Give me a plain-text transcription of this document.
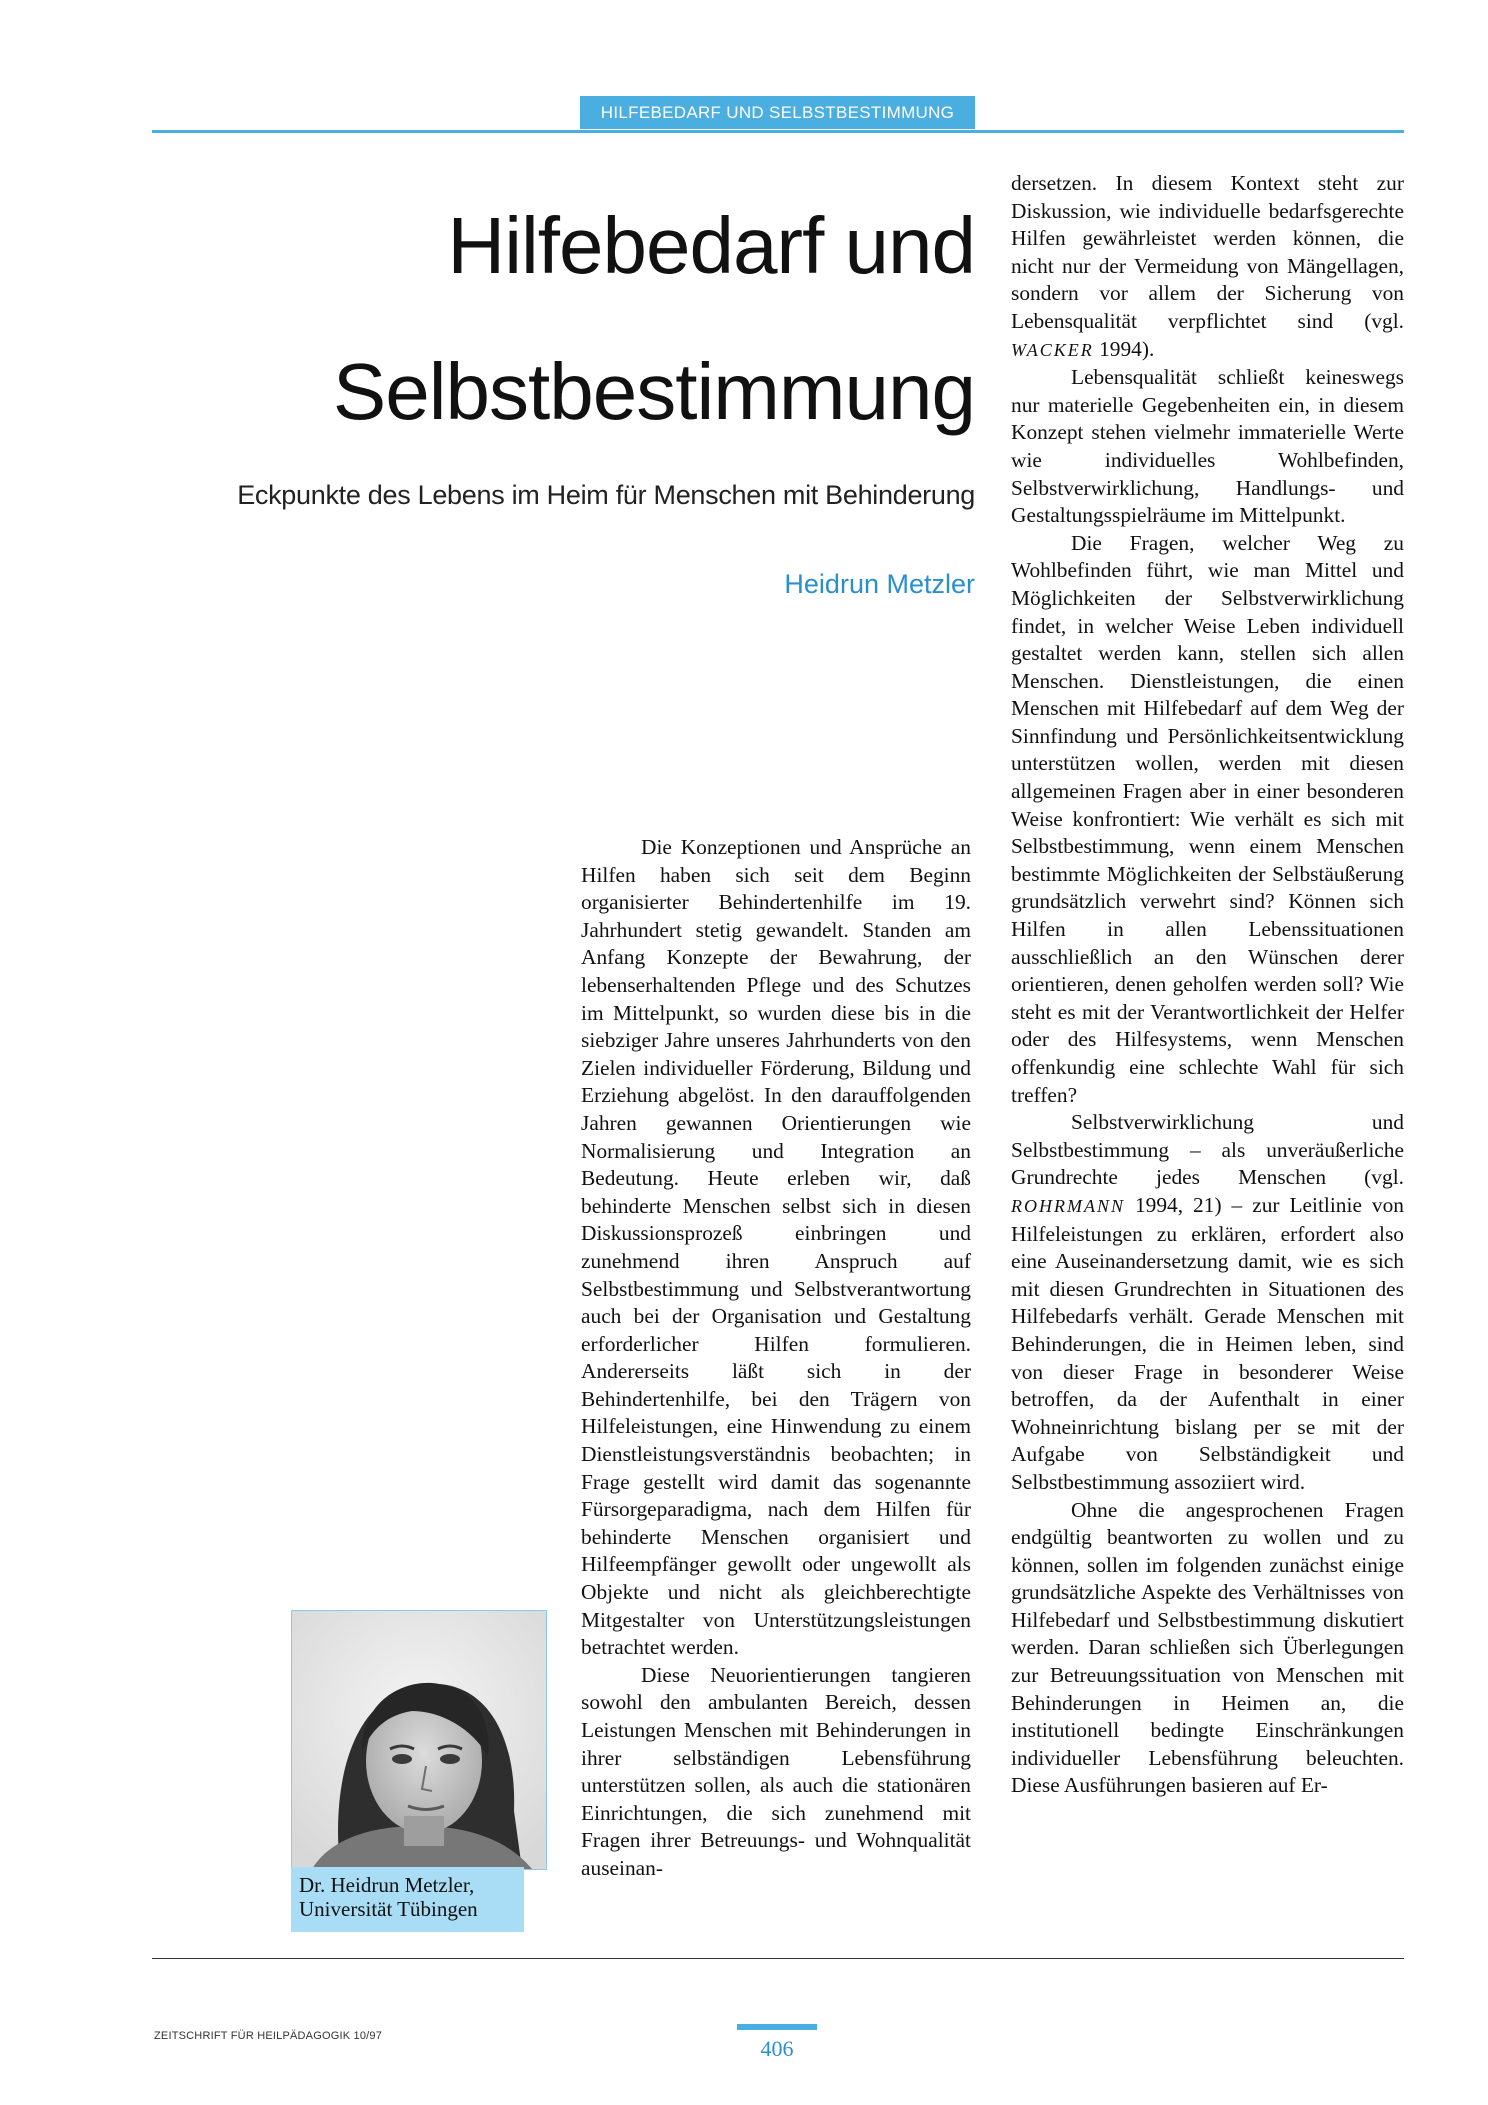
HILFEBEDARF UND SELBSTBESTIMMUNG
Hilfebedarf und
Selbstbestimmung
Eckpunkte des Lebens im Heim für Menschen mit Behinderung
Heidrun Metzler

Die Konzeptionen und Ansprüche an Hilfen haben sich seit dem Beginn organisierter Behindertenhilfe im 19. Jahrhundert stetig gewandelt. Standen am Anfang Konzepte der Bewahrung, der lebenserhaltenden Pflege und des Schutzes im Mittelpunkt, so wurden diese bis in die siebziger Jahre unseres Jahrhunderts von den Zielen individueller Förderung, Bildung und Erziehung abgelöst. In den darauffolgenden Jahren gewannen Orientierungen wie Normalisierung und Integration an Bedeutung. Heute erleben wir, daß behinderte Menschen selbst sich in diesen Diskussionsprozeß einbringen und zunehmend ihren Anspruch auf Selbstbestimmung und Selbstverantwortung auch bei der Organisation und Gestaltung erforderlicher Hilfen formulieren. Andererseits läßt sich in der Behindertenhilfe, bei den Trägern von Hilfeleistungen, eine Hinwendung zu einem Dienstleistungsverständnis beobachten; in Frage gestellt wird damit das sogenannte Fürsorgeparadigma, nach dem Hilfen für behinderte Menschen organisiert und Hilfeempfänger gewollt oder ungewollt als Objekte und nicht als gleichberechtigte Mitgestalter von Unterstützungsleistungen betrachtet werden.

Diese Neuorientierungen tangieren sowohl den ambulanten Bereich, dessen Leistungen Menschen mit Behinderungen in ihrer selbständigen Lebensführung unterstützen sollen, als auch die stationären Einrichtungen, die sich zunehmend mit Fragen ihrer Betreuungs- und Wohnqualität auseinan-

dersetzen. In diesem Kontext steht zur Diskussion, wie individuelle bedarfsgerechte Hilfen gewährleistet werden können, die nicht nur der Vermeidung von Mängellagen, sondern vor allem der Sicherung von Lebensqualität verpflichtet sind (vgl. WACKER 1994).

Lebensqualität schließt keineswegs nur materielle Gegebenheiten ein, in diesem Konzept stehen vielmehr immaterielle Werte wie individuelles Wohlbefinden, Selbstverwirklichung, Handlungs- und Gestaltungsspielräume im Mittelpunkt.

Die Fragen, welcher Weg zu Wohlbefinden führt, wie man Mittel und Möglichkeiten der Selbstverwirklichung findet, in welcher Weise Leben individuell gestaltet werden kann, stellen sich allen Menschen. Dienstleistungen, die einen Menschen mit Hilfebedarf auf dem Weg der Sinnfindung und Persönlichkeitsentwicklung unterstützen wollen, werden mit diesen allgemeinen Fragen aber in einer besonderen Weise konfrontiert: Wie verhält es sich mit Selbstbestimmung, wenn einem Menschen bestimmte Möglichkeiten der Selbstäußerung grundsätzlich verwehrt sind? Können sich Hilfen in allen Lebenssituationen ausschließlich an den Wünschen derer orientieren, denen geholfen werden soll? Wie steht es mit der Verantwortlichkeit der Helfer oder des Hilfesystems, wenn Menschen offenkundig eine schlechte Wahl für sich treffen?

Selbstverwirklichung und Selbstbestimmung – als unveräußerliche Grundrechte jedes Menschen (vgl. ROHRMANN 1994, 21) – zur Leitlinie von Hilfeleistungen zu erklären, erfordert also eine Auseinandersetzung damit, wie es sich mit diesen Grundrechten in Situationen des Hilfebedarfs verhält. Gerade Menschen mit Behinderungen, die in Heimen leben, sind von dieser Frage in besonderer Weise betroffen, da der Aufenthalt in einer Wohneinrichtung bislang per se mit der Aufgabe von Selbständigkeit und Selbstbestimmung assoziiert wird.

Ohne die angesprochenen Fragen endgültig beantworten zu wollen und zu können, sollen im folgenden zunächst einige grundsätzliche Aspekte des Verhältnisses von Hilfebedarf und Selbstbestimmung diskutiert werden. Daran schließen sich Überlegungen zur Betreuungssituation von Menschen mit Behinderungen in Heimen an, die institutionell bedingte Einschränkungen individueller Lebensführung beleuchten. Diese Ausführungen basieren auf Er-

Dr. Heidrun Metzler,
Universität Tübingen
ZEITSCHRIFT FÜR HEILPÄDAGOGIK 10/97	406
